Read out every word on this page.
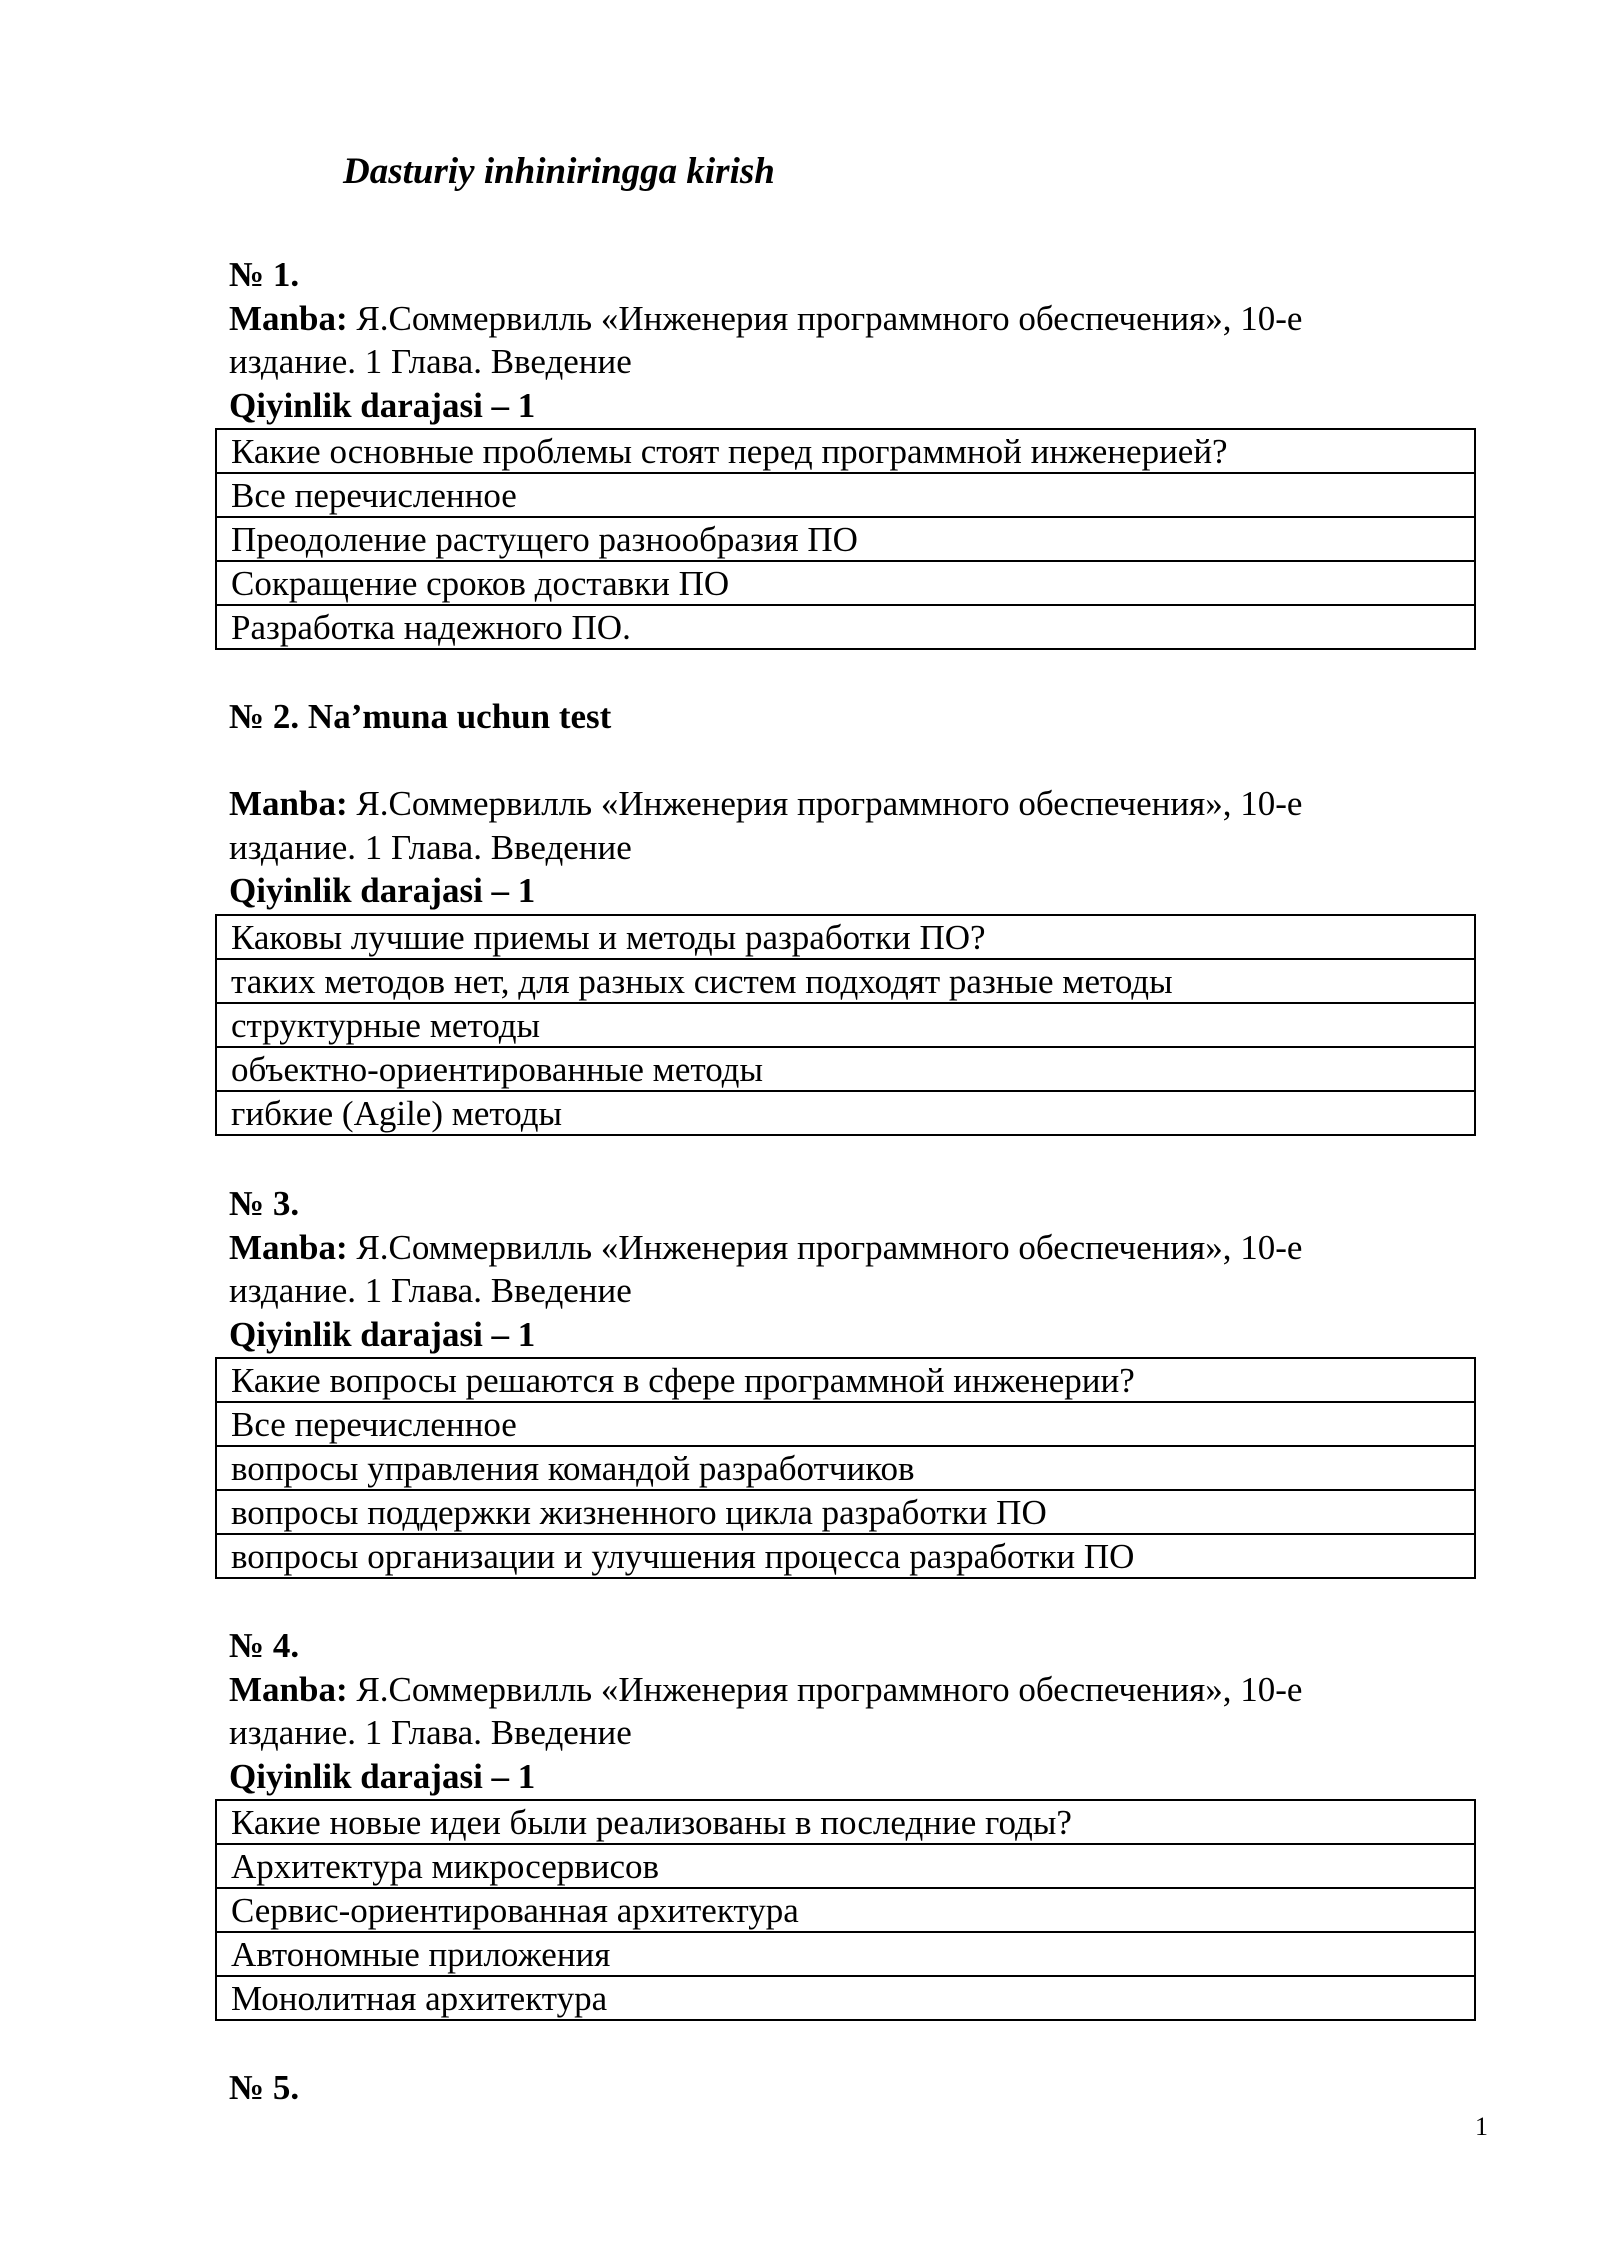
Dasturiy inhiniringga kirish

№ 1.

Manba: Я.Соммервилль «Инженерия программного обеспечения», 10-е

издание. 1 Глава. Введение

Qiyinlik darajasi – 1

Какие основные проблемы стоят перед программной инженерией?
Все перечисленное
Преодоление растущего разнообразия ПО
Сокращение сроков доставки ПО
Разработка надежного ПО.

№ 2. Na’muna uchun test

Manba: Я.Соммервилль «Инженерия программного обеспечения», 10-е

издание. 1 Глава. Введение

Qiyinlik darajasi – 1

Каковы лучшие приемы и методы разработки ПО?
таких методов нет, для разных систем подходят разные методы
структурные методы
объектно-ориентированные методы
гибкие (Agile) методы

№ 3.

Manba: Я.Соммервилль «Инженерия программного обеспечения», 10-е

издание. 1 Глава. Введение

Qiyinlik darajasi – 1

Какие вопросы решаются в сфере программной инженерии?
Все перечисленное
вопросы управления командой разработчиков
вопросы поддержки жизненного цикла разработки ПО
вопросы организации и улучшения процесса разработки ПО

№ 4.

Manba: Я.Соммервилль «Инженерия программного обеспечения», 10-е

издание. 1 Глава. Введение

Qiyinlik darajasi – 1

Какие новые идеи были реализованы в последние годы?
Архитектура микросервисов
Сервис-ориентированная архитектура
Автономные приложения
Монолитная архитектура

№ 5.

1
